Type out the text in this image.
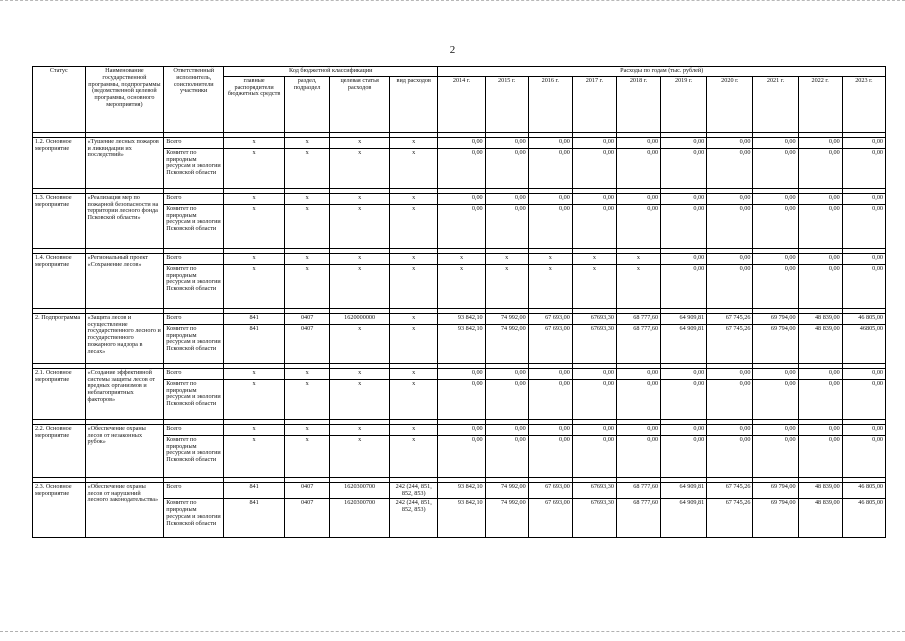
2
Статус	Наименование государственной программы, подпрограммы (ведомственной целевой программы, основного мероприятия)	Ответственный исполнитель, соисполнители участники	Код бюджетной классификации				Расходы по годам (тыс. рублей)									
			главные распорядители бюджетных средств	раздел, подраздел	целевая статья расходов	вид расходов	2014 г.	2015 г.	2016 г.	2017 г.	2018 г.	2019 г.	2020 г.	2021 г.	2022 г.	2023 г.

1.2. Основное мероприятие	«Тушение лесных пожаров и ликвидации их последствий»	Всего	х	х	х	х	0,00	0,00	0,00	0,00	0,00	0,00	0,00	0,00	0,00	0,00
		Комитет по природным ресурсам и экологии Псковской области	х	х	х	х	0,00	0,00	0,00	0,00	0,00	0,00	0,00	0,00	0,00	0,00

1.3. Основное мероприятие	«Реализация мер по пожарной безопасности на территории лесного фонда Псковской области»	Всего	х	х	х	х	0,00	0,00	0,00	0,00	0,00	0,00	0,00	0,00	0,00	0,00
		Комитет по природным ресурсам и экологии Псковской области	х	х	х	х	0,00	0,00	0,00	0,00	0,00	0,00	0,00	0,00	0,00	0,00

1.4. Основное мероприятие	«Региональный проект «Сохранение лесов»	Всего	х	х	х	х	х	х	х	х	х	0,00	0,00	0,00	0,00	0,00
		Комитет по природным ресурсам и экологии Псковской области	х	х	х	х	х	х	х	х	х	0,00	0,00	0,00	0,00	0,00

2. Подпрограмма	«Защита лесов и осуществление государственного лесного и государственного пожарного надзора в лесах»	Всего	841	0407	1620000000	х	93 842,10	74 992,00	67 693,00	67693,30	68 777,60	64 909,81	67 745,26	69 794,00	48 839,00	46 805,00
		Комитет по природным ресурсам и экологии Псковской области	841	0407	х	х	93 842,10	74 992,00	67 693,00	67693,30	68 777,60	64 909,81	67 745,26	69 794,00	48 839,00	46805,00

2.1. Основное мероприятие	«Создание эффективной системы защиты лесов от вредных организмов и неблагоприятных факторов»	Всего	х	х	х	х	0,00	0,00	0,00	0,00	0,00	0,00	0,00	0,00	0,00	0,00
		Комитет по природным ресурсам и экологии Псковской области	х	х	х	х	0,00	0,00	0,00	0,00	0,00	0,00	0,00	0,00	0,00	0,00

2.2. Основное мероприятие	«Обеспечение охраны лесов от незаконных рубок»	Всего	х	х	х	х	0,00	0,00	0,00	0,00	0,00	0,00	0,00	0,00	0,00	0,00
		Комитет по природным ресурсам и экологии Псковской области	х	х	х	х	0,00	0,00	0,00	0,00	0,00	0,00	0,00	0,00	0,00	0,00

2.3. Основное мероприятие	«Обеспечение охраны лесов от нарушений лесного законодательства»	Всего	841	0407	1620300700	242 (244, 851, 852, 853)	93 842,10	74 992,00	67 693,00	67693,30	68 777,60	64 909,81	67 745,26	69 794,00	48 839,00	46 805,00
		Комитет по природным ресурсам и экологии Псковской области	841	0407	1620300700	242 (244, 851, 852, 853)	93 842,10	74 992,00	67 693,00	67693,30	68 777,60	64 909,81	67 745,26	69 794,00	48 839,00	46 805,00
